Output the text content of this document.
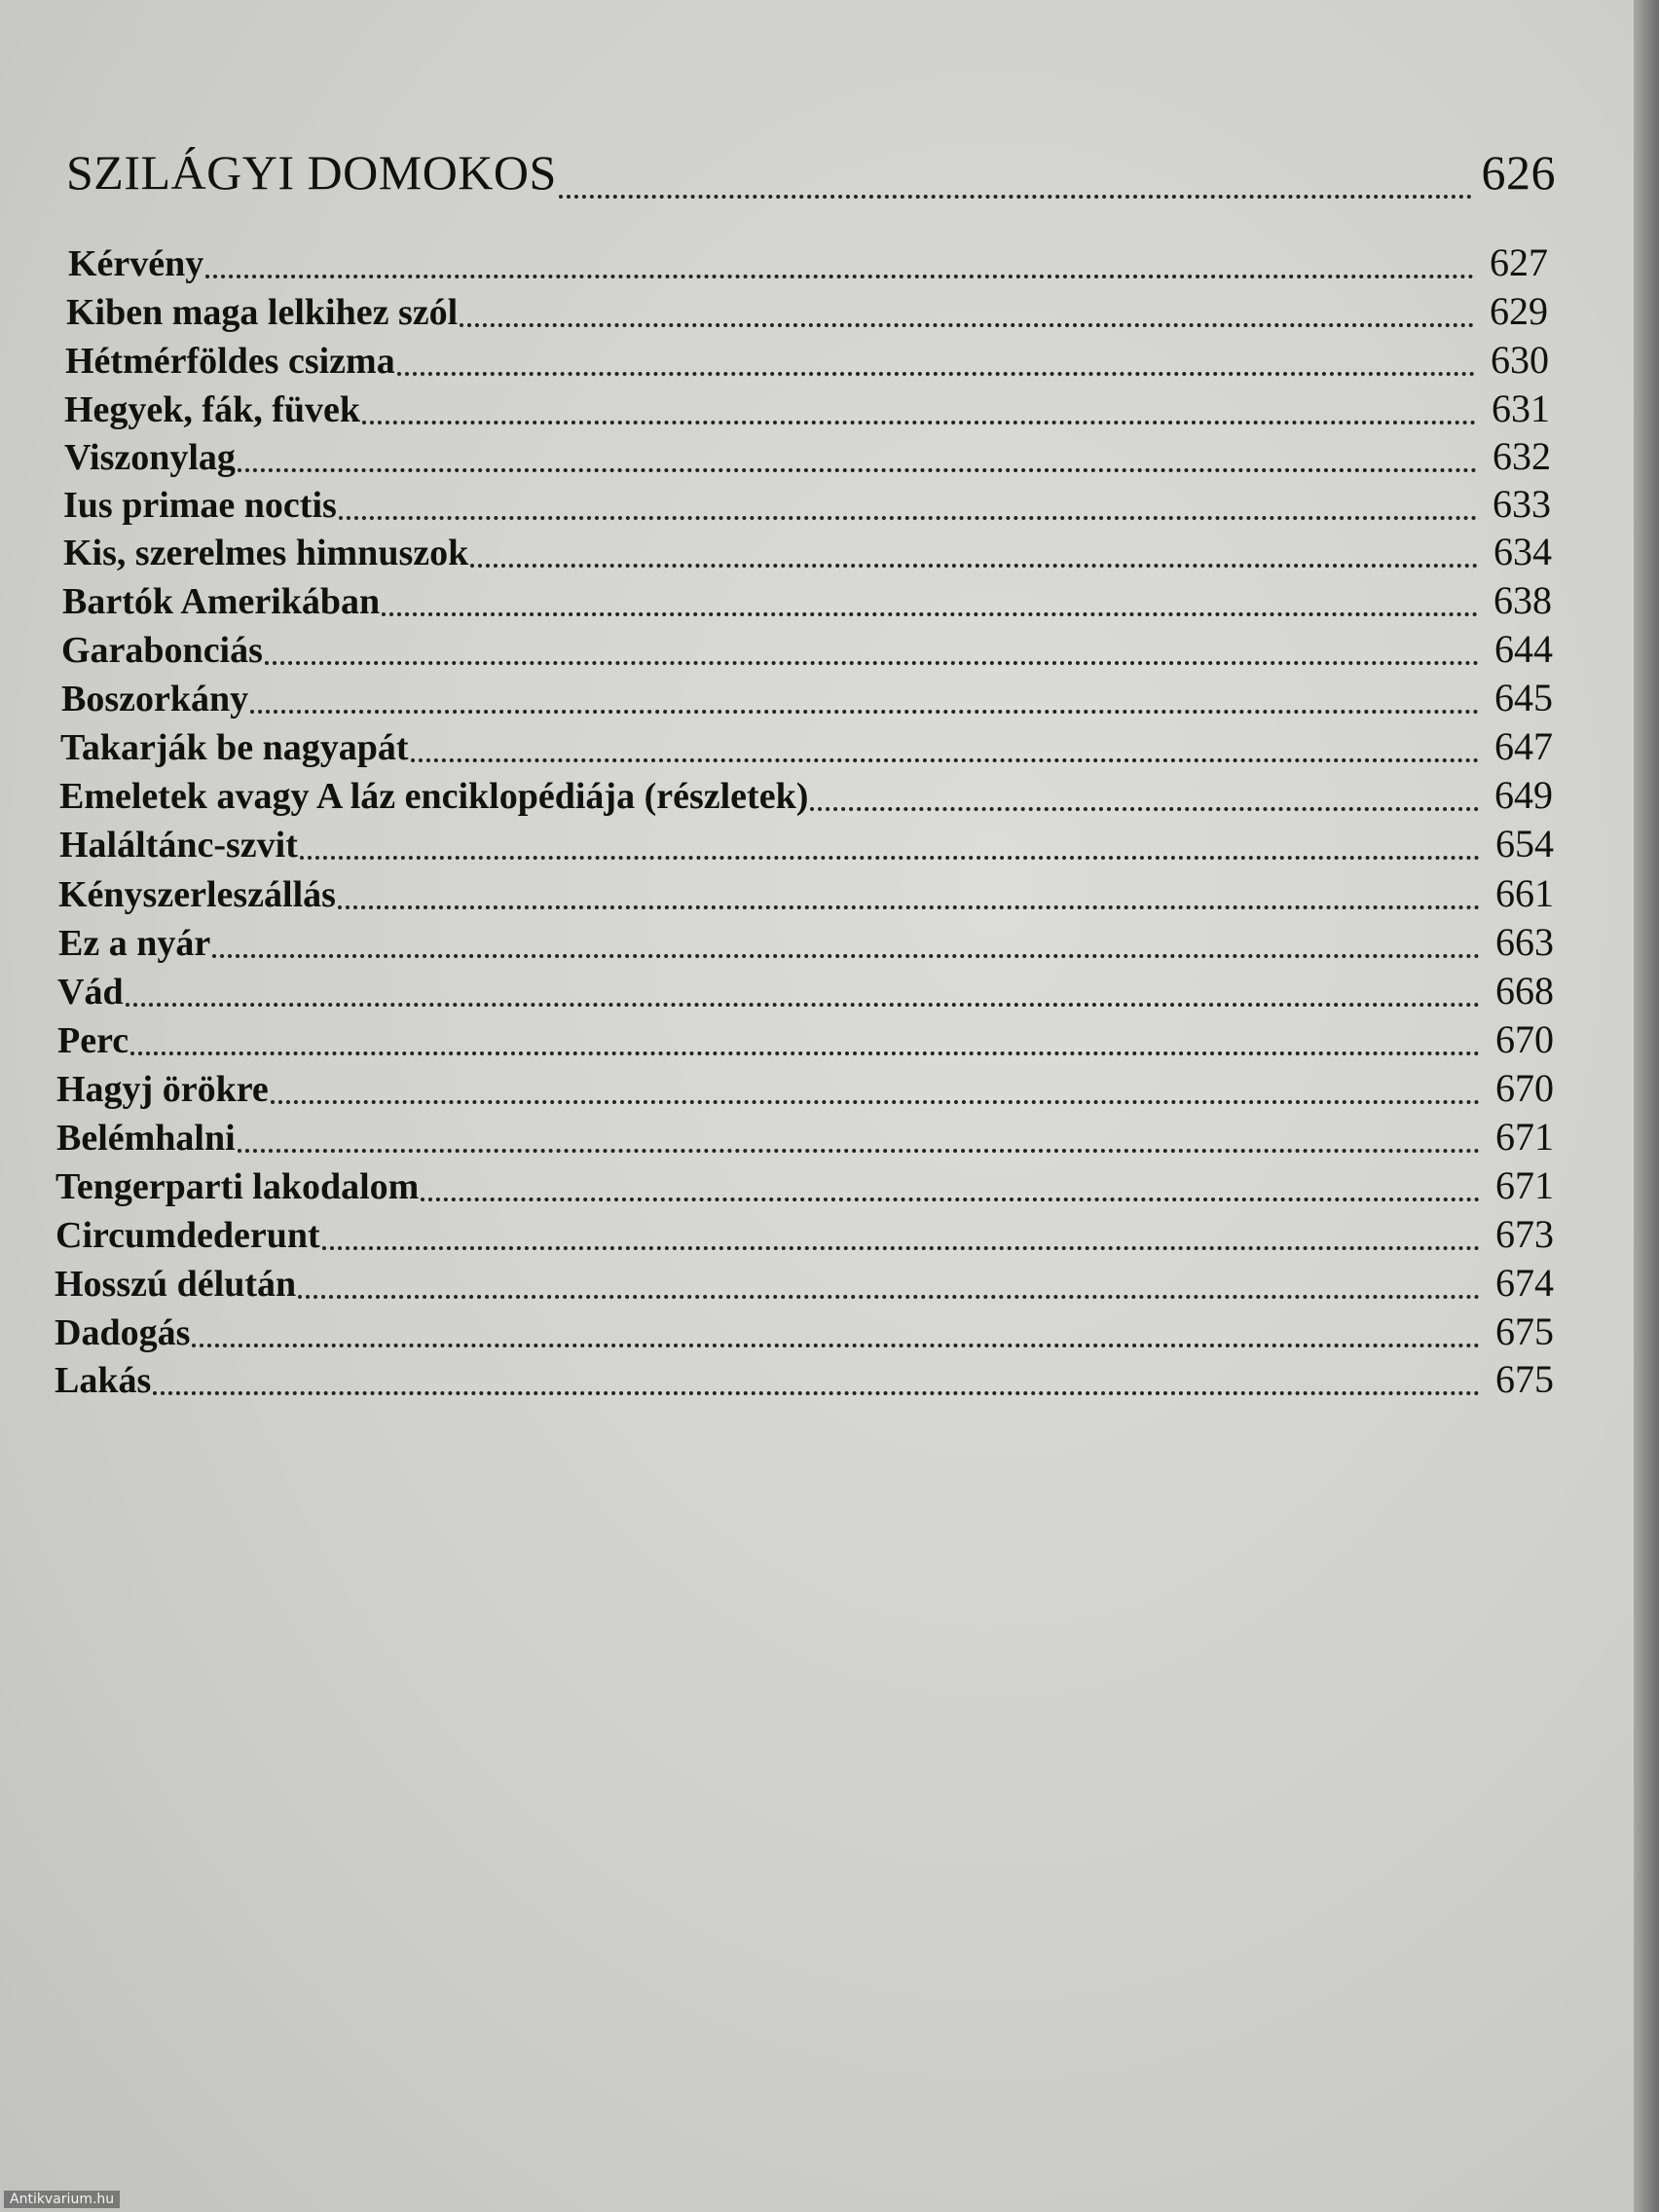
SZILÁGYI DOMOKOS	626
Kérvény	627
Kiben maga lelkihez szól	629
Hétmérföldes csizma	630
Hegyek, fák, füvek	631
Viszonylag	632
Ius primae noctis	633
Kis, szerelmes himnuszok	634
Bartók Amerikában	638
Garabonciás	644
Boszorkány	645
Takarják be nagyapát	647
Emeletek avagy A láz enciklopédiája (részletek)	649
Haláltánc-szvit	654
Kényszerleszállás	661
Ez a nyár	663
Vád	668
Perc	670
Hagyj örökre	670
Belémhalni	671
Tengerparti lakodalom	671
Circumdederunt	673
Hosszú délután	674
Dadogás	675
Lakás	675
Antikvarium.hu
